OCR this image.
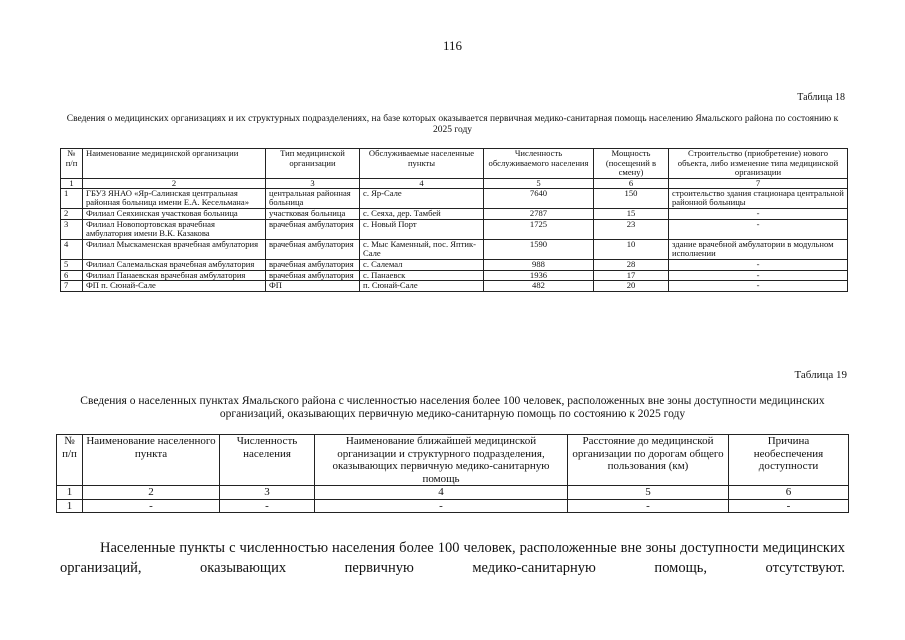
116
Таблица 18
Сведения о медицинских организациях и их структурных подразделениях, на базе которых оказывается первичная медико-санитарная помощь населению Ямальского района по состоянию к 2025 году
№ п/п	Наименование медицинской организации	Тип медицинской организации	Обслуживаемые населенные пункты	Численность обслуживаемого населения	Мощность (посещений в смену)	Строительство (приобретение) нового объекта, либо изменение типа медицинской организации
1	2	3	4	5	6	7
1	ГБУЗ ЯНАО «Яр-Салинская центральная районная больница имени Е.А. Кесельмана»	центральная районная больница	с. Яр-Сале	7640	150	строительство здания стационара центральной районной больницы
2	Филиал Сеяхинская участковая больница	участковая больница	с. Сеяха, дер. Тамбей	2787	15	-
3	Филиал Новопортовская врачебная амбулатория имени В.К. Казакова	врачебная амбулатория	с. Новый Порт	1725	23	-
4	Филиал Мыскаменская врачебная амбулатория	врачебная амбулатория	с. Мыс Каменный, пос. Яптик-Сале	1590	10	здание врачебной амбулатории в модульном исполнении
5	Филиал Салемальская врачебная амбулатория	врачебная амбулатория	с. Салемал	988	28	-
6	Филиал Панаевская врачебная амбулатория	врачебная амбулатория	с. Панаевск	1936	17	-
7	ФП п. Сюнай-Сале	ФП	п. Сюнай-Сале	482	20	-
Таблица 19
Сведения о населенных пунктах Ямальского района с численностью населения более 100 человек, расположенных вне зоны доступности медицинских организаций, оказывающих первичную медико-санитарную помощь по состоянию к 2025 году
№ п/п	Наименование населенного пункта	Численность населения	Наименование ближайшей медицинской организации и структурного подразделения, оказывающих первичную медико-санитарную помощь	Расстояние до медицинской организации по дорогам общего пользования (км)	Причина необеспечения доступности
1	2	3	4	5	6
1	-	-	-	-	-
Населенные пункты с численностью населения более 100 человек, расположенные вне зоны доступности медицинских организаций, оказывающих первичную медико-санитарную помощь, отсутствуют.
